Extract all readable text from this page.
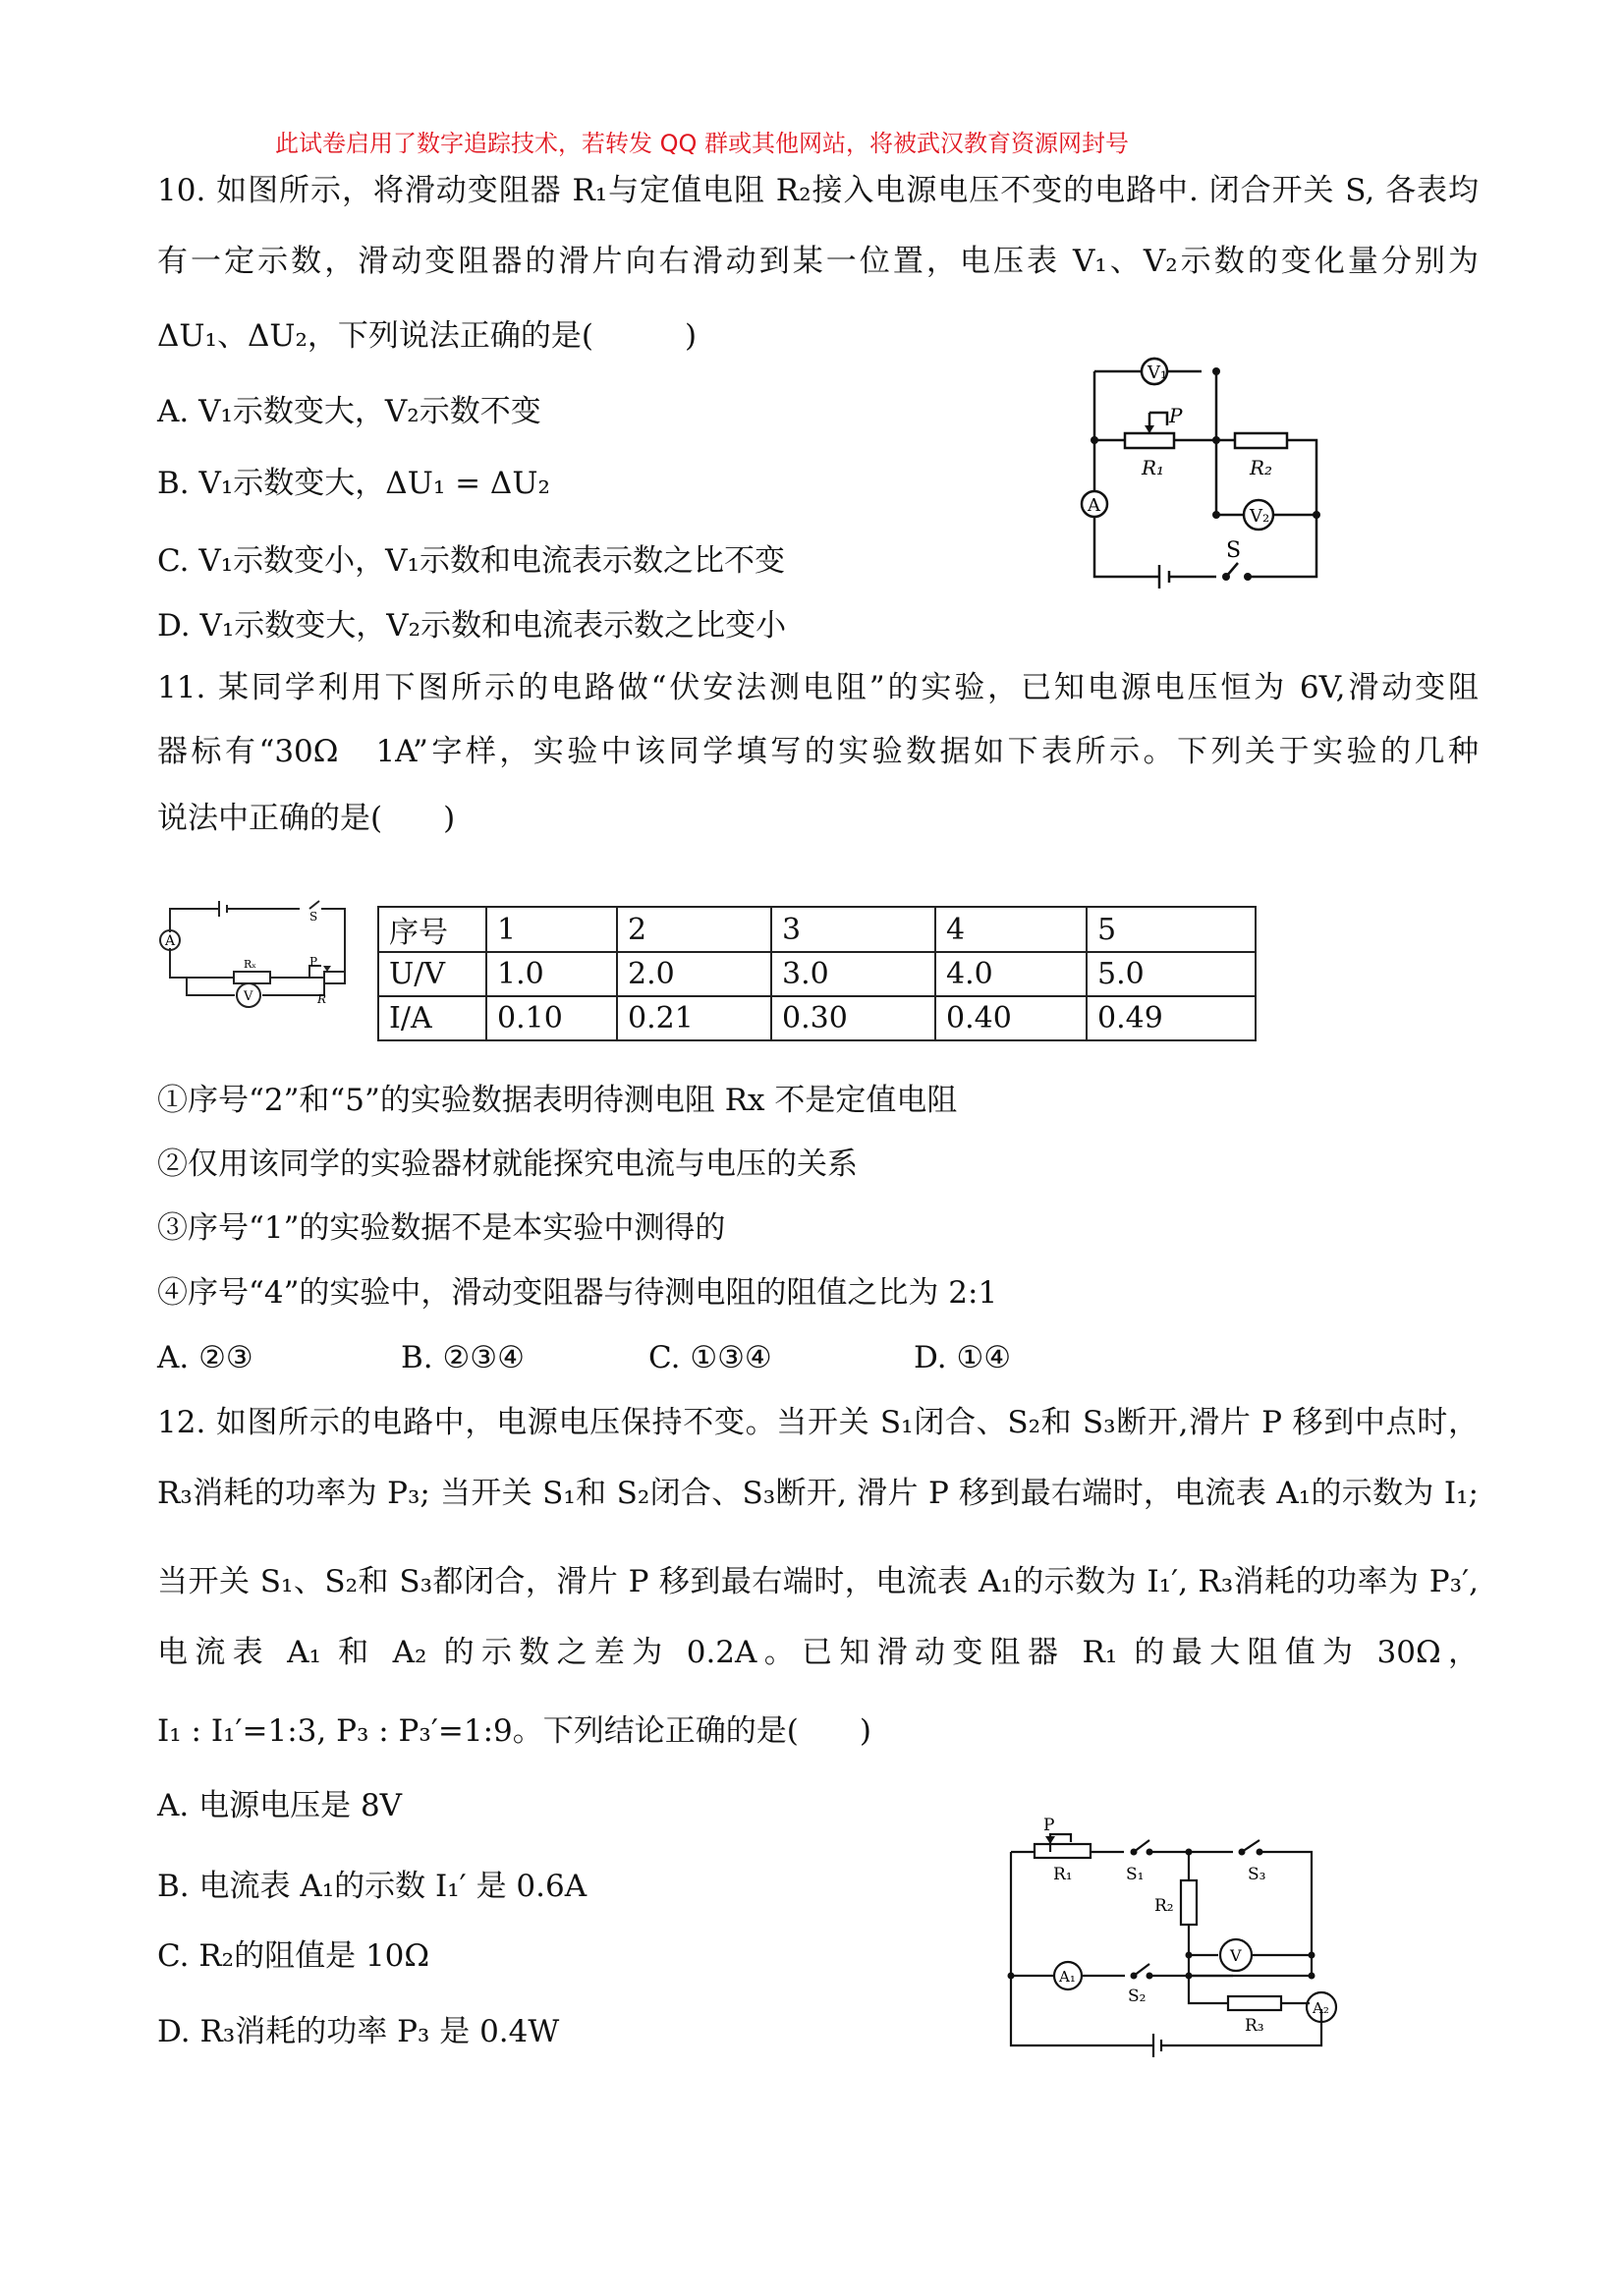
此试卷启用了数字追踪技术，若转发 QQ 群或其他网站，将被武汉教育资源网封号
10. 如图所示，将滑动变阻器 R₁与定值电阻 R₂接入电源电压不变的电路中. 闭合开关 S, 各表均
有一定示数，滑动变阻器的滑片向右滑动到某一位置，电压表 V₁、V₂示数的变化量分别为
ΔU₁、ΔU₂，下列说法正确的是(　　　)
A. V₁示数变大，V₂示数不变
B. V₁示数变大，ΔU₁ = ΔU₂
C. V₁示数变小，V₁示数和电流表示数之比不变
D. V₁示数变大，V₂示数和电流表示数之比变小
V₁
V₂
A
P
R₁	R₂
S
11. 某同学利用下图所示的电路做“伏安法测电阻”的实验，已知电源电压恒为 6V,滑动变阻
器标有“30Ω　1A”字样，实验中该同学填写的实验数据如下表所示。下列关于实验的几种
说法中正确的是(　　)
S
A
Rₓ	P
R
V
序号	1	2	3	4	5
U/V	1.0	2.0	3.0	4.0	5.0
I/A	0.10	0.21	0.30	0.40	0.49
①序号“2”和“5”的实验数据表明待测电阻 Rx 不是定值电阻
②仅用该同学的实验器材就能探究电流与电压的关系
③序号“1”的实验数据不是本实验中测得的
④序号“4”的实验中，滑动变阻器与待测电阻的阻值之比为 2:1
A. ②③	B. ②③④	C. ①③④	D. ①④
12. 如图所示的电路中，电源电压保持不变。当开关 S₁闭合、S₂和 S₃断开,滑片 P 移到中点时，
R₃消耗的功率为 P₃; 当开关 S₁和 S₂闭合、S₃断开, 滑片 P 移到最右端时，电流表 A₁的示数为 I₁;
当开关 S₁、S₂和 S₃都闭合，滑片 P 移到最右端时，电流表 A₁的示数为 I₁′, R₃消耗的功率为 P₃′,
电流表 A₁ 和 A₂ 的示数之差为 0.2A。已知滑动变阻器 R₁ 的最大阻值为 30Ω，
I₁ : I₁′=1:3, P₃ : P₃′=1:9。下列结论正确的是(　　)
A. 电源电压是 8V
B. 电流表 A₁的示数 I₁′ 是 0.6A
C. R₂的阻值是 10Ω
D. R₃消耗的功率 P₃ 是 0.4W
P
R₁	S₁
R₂
S₃
V
A₁
S₂
R₃
A₂
